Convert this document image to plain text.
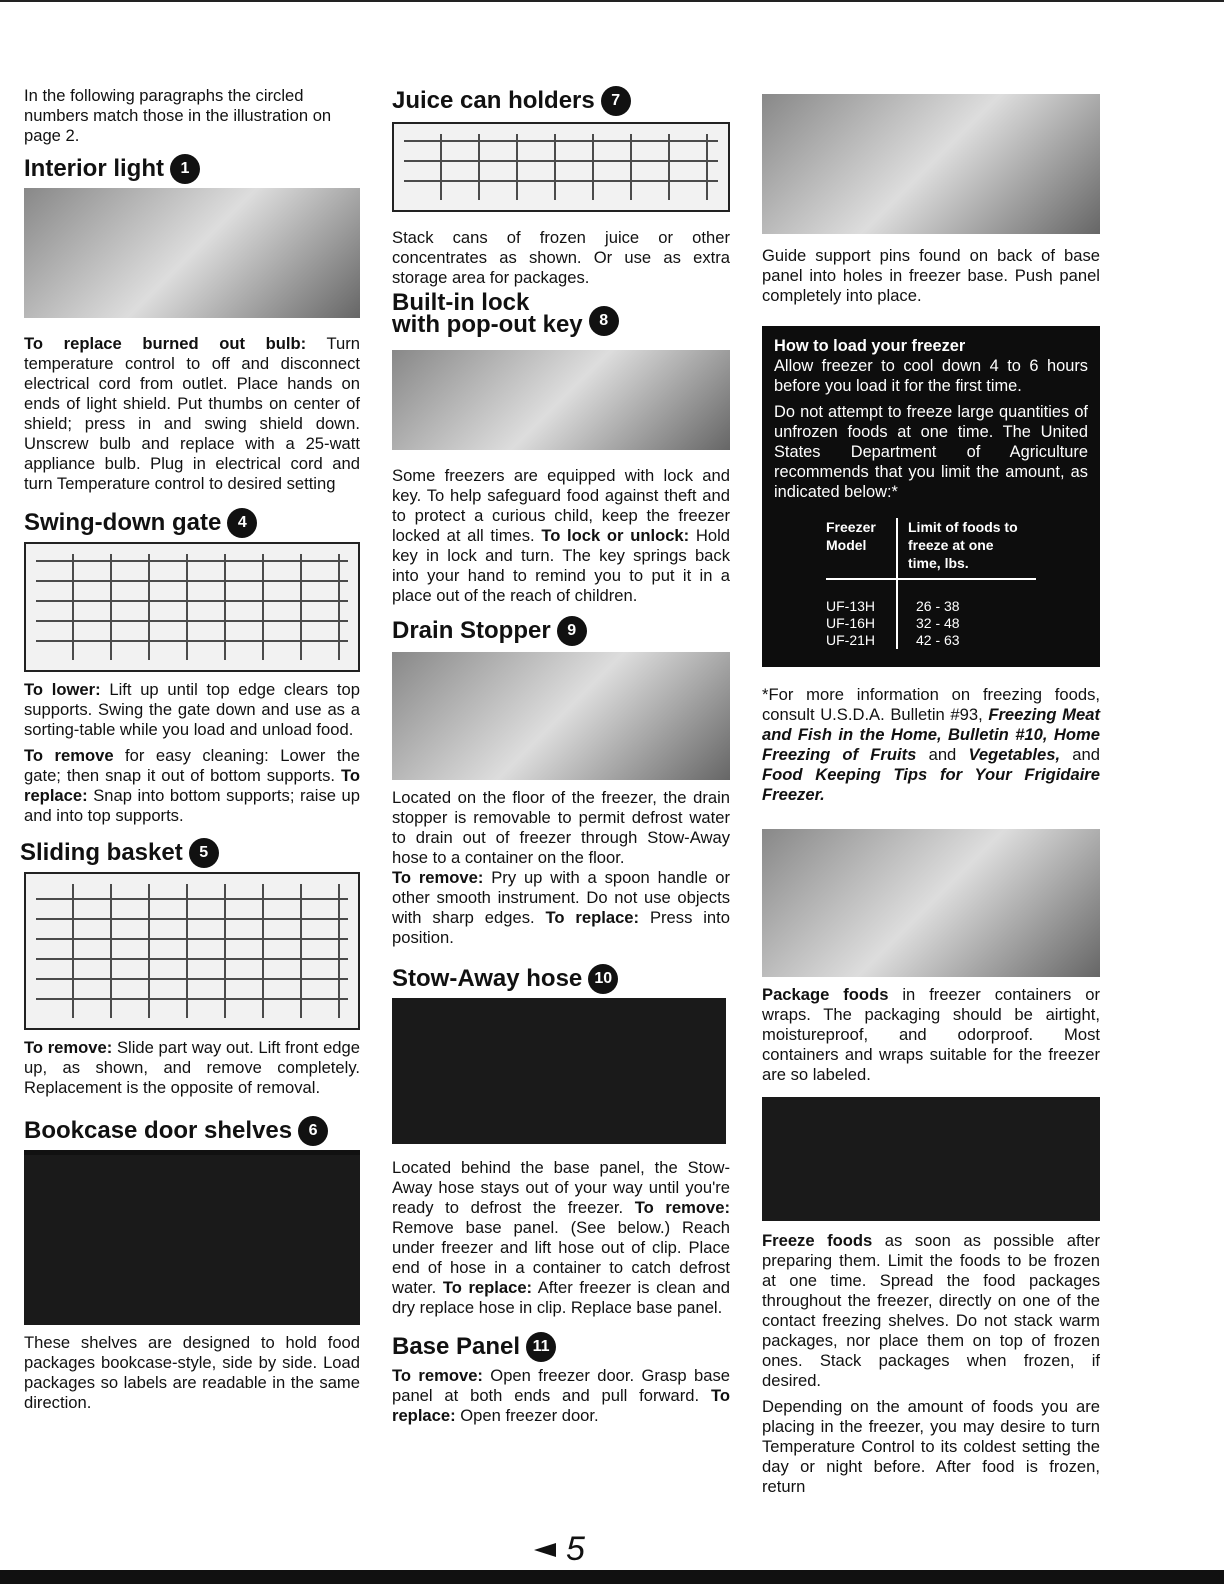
In the following paragraphs the circled numbers match those in the illustration on page 2.

Interior light	1

To replace burned out bulb: Turn temperature control to off and disconnect electrical cord from outlet. Place hands on ends of light shield. Put thumbs on center of shield; press in and swing shield down. Unscrew bulb and replace with a 25-watt appliance bulb. Plug in electrical cord and turn Temperature control to desired setting

Swing-down gate	4

To lower: Lift up until top edge clears top supports. Swing the gate down and use as a sorting-table while you load and unload food.

To remove for easy cleaning: Lower the gate; then snap it out of bottom supports. To replace: Snap into bottom supports; raise up and into top supports.

Sliding basket	5

To remove: Slide part way out. Lift front edge up, as shown, and remove completely. Replacement is the opposite of removal.

Bookcase door shelves	6

These shelves are designed to hold food packages bookcase-style, side by side. Load packages so labels are readable in the same direction.

Juice can holders	7

Stack cans of frozen juice or other concentrates as shown. Or use as extra storage area for packages.

Built-in lock
with pop-out key	8

Some freezers are equipped with lock and key. To help safeguard food against theft and to protect a curious child, keep the freezer locked at all times. To lock or unlock: Hold key in lock and turn. The key springs back into your hand to remind you to put it in a place out of the reach of children.

Drain Stopper	9

Located on the floor of the freezer, the drain stopper is removable to permit defrost water to drain out of freezer through Stow-Away hose to a container on the floor.
To remove: Pry up with a spoon handle or other smooth instrument. Do not use objects with sharp edges. To replace: Press into position.

Stow-Away hose 10

Located behind the base panel, the Stow-Away hose stays out of your way until you're ready to defrost the freezer. To remove: Remove base panel. (See below.) Reach under freezer and lift hose out of clip. Place end of hose in a container to catch defrost water. To replace: After freezer is clean and dry replace hose in clip. Replace base panel.

Base Panel 11

To remove: Open freezer door. Grasp base panel at both ends and pull forward. To replace: Open freezer door.

Guide support pins found on back of base panel into holes in freezer base. Push panel completely into place.

How to load your freezer

Allow freezer to cool down 4 to 6 hours before you load it for the first time.

Do not attempt to freeze large quantities of unfrozen foods at one time. The United States Department of Agriculture recommends that you limit the amount, as indicated below:*

Freezer Model	Limit of foods to freeze at one time, lbs.
UF-13H	26 - 38
UF-16H	32 - 48
UF-21H	42 - 63

*For more information on freezing foods, consult U.S.D.A. Bulletin #93, Freezing Meat and Fish in the Home, Bulletin #10, Home Freezing of Fruits and Vegetables, and Food Keeping Tips for Your Frigidaire Freezer.

Package foods in freezer containers or wraps. The packaging should be airtight, moistureproof, and odorproof. Most containers and wraps suitable for the freezer are so labeled.

Freeze foods as soon as possible after preparing them. Limit the foods to be frozen at one time. Spread the food packages throughout the freezer, directly on one of the contact freezing shelves. Do not stack warm packages, nor place them on top of frozen ones. Stack packages when frozen, if desired.

Depending on the amount of foods you are placing in the freezer, you may desire to turn Temperature Control to its coldest setting the day or night before. After food is frozen, return

5
